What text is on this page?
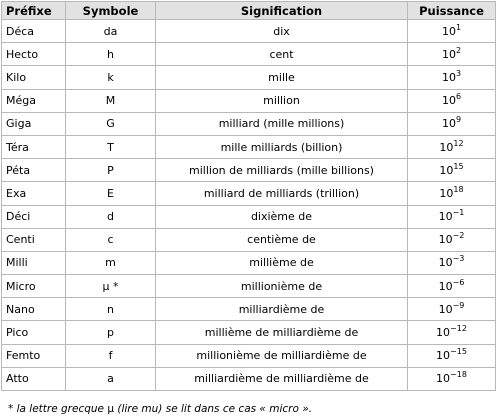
Préfixe	Symbole	Signification	Puissance
Déca	da	dix	$10^1$
Hecto	h	cent	$10^2$
Kilo	k	mille	$10^3$
Méga	M	million	$10^6$
Giga	G	milliard (mille millions)	$10^9$
Téra	T	mille milliards (billion)	$10^{12}$
Péta	P	million de milliards (mille billions)	$10^{15}$
Exa	E	milliard de milliards (trillion)	$10^{18}$
Déci	d	dixième de	$10^{-1}$
Centi	c	centième de	$10^{-2}$
Milli	m	millième de	$10^{-3}$
Micro	μ *	millionième de	$10^{-6}$
Nano	n	milliardième de	$10^{-9}$
Pico	p	millième de milliardième de	$10^{-12}$
Femto	f	millionième de milliardième de	$10^{-15}$
Atto	a	milliardième de milliardième de	$10^{-18}$
* la lettre grecque μ (lire mu) se lit dans ce cas « micro ».
